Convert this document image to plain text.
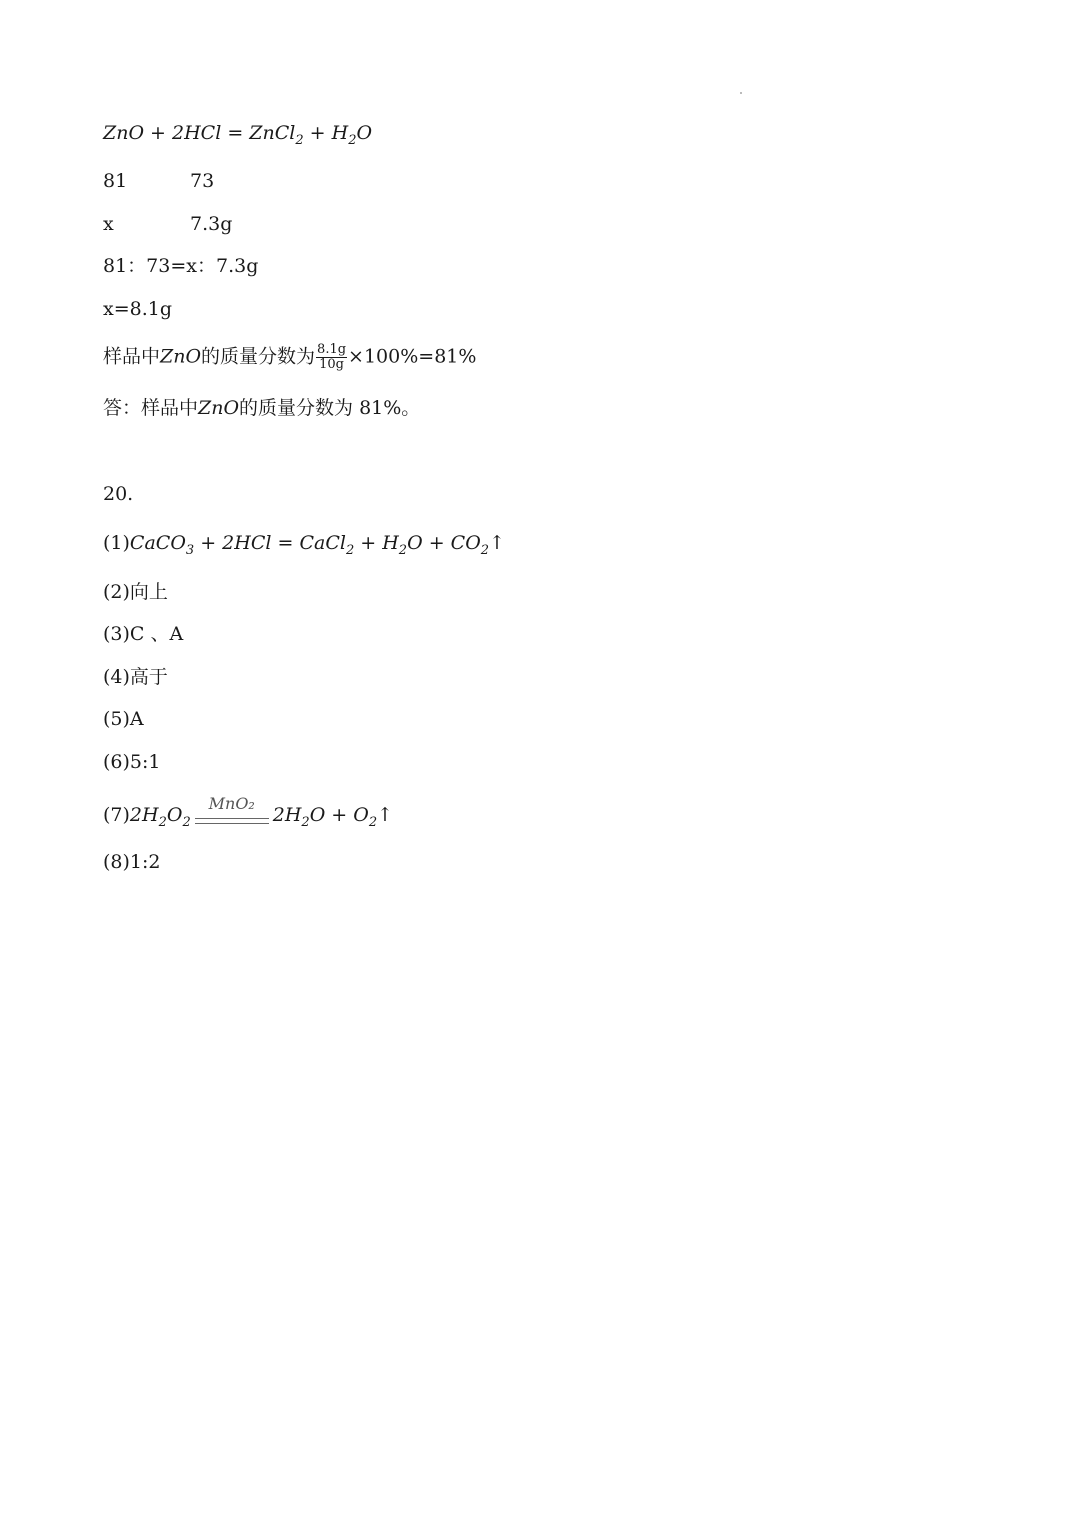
ZnO + 2HCl = ZnCl$_2$ + $H_2O$
81	73
x	7.3g
81：73=x：7.3g
x=8.1g
样品中ZnO的质量分数为 $\frac{8.1g}{10g} \times 100\%=81\%$
答：样品中ZnO的质量分数为 81%。
20.
(1)CaCO$_3$ + 2HCl = CaCl$_2$ + $H_2O$ + $CO_2↑$
(2)向上
(3)C 、A
(4)高于
(5)A
(6)5:1
$(7)2H_2O_2$
MnO₂
$2H_2O$ + $O_2↑$
(8)1:2
